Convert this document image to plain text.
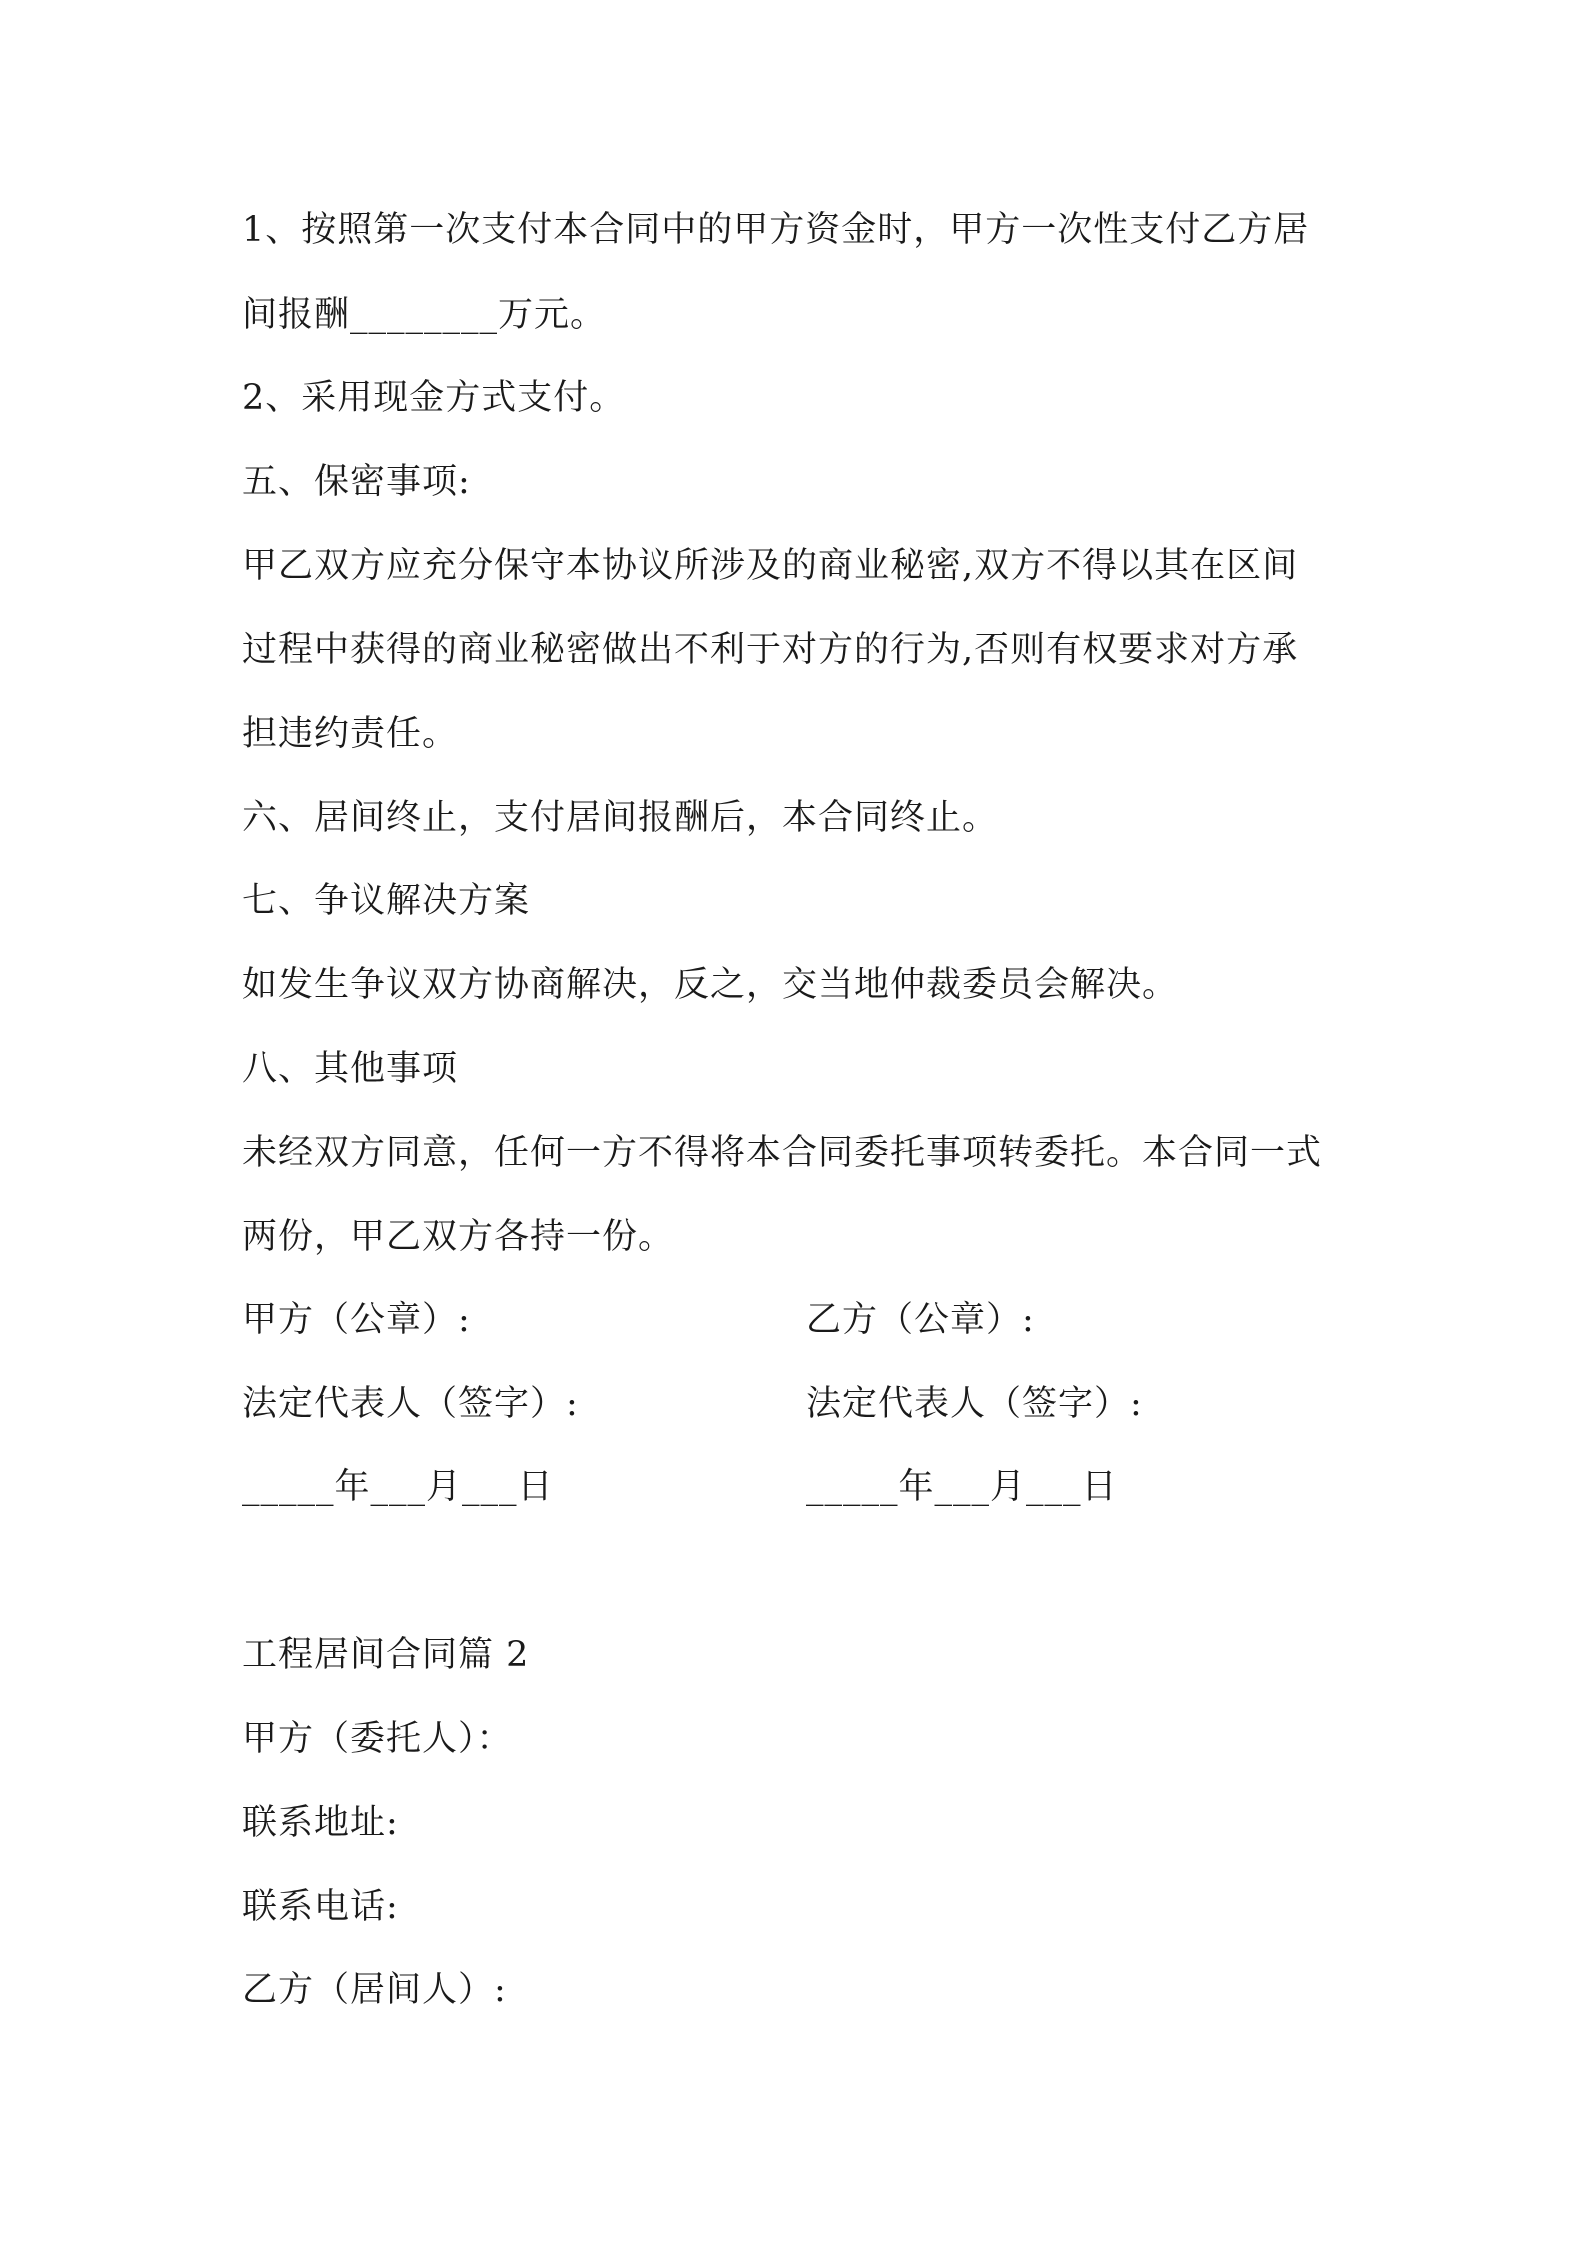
1、按照第一次支付本合同中的甲方资金时，甲方一次性支付乙方居

间报酬________万元。

2、采用现金方式支付。

五、保密事项:

甲乙双方应充分保守本协议所涉及的商业秘密,双方不得以其在区间

过程中获得的商业秘密做出不利于对方的行为,否则有权要求对方承

担违约责任。

六、居间终止，支付居间报酬后，本合同终止。

七、争议解决方案

如发生争议双方协商解决，反之，交当地仲裁委员会解决。

八、其他事项

未经双方同意，任何一方不得将本合同委托事项转委托。本合同一式

两份，甲乙双方各持一份。

甲方（公章）:	乙方（公章）:
法定代表人（签字）:	法定代表人（签字）:
_____年___月___日	_____年___月___日

工程居间合同篇 2

甲方（委托人）：

联系地址:

联系电话:

乙方（居间人）:
